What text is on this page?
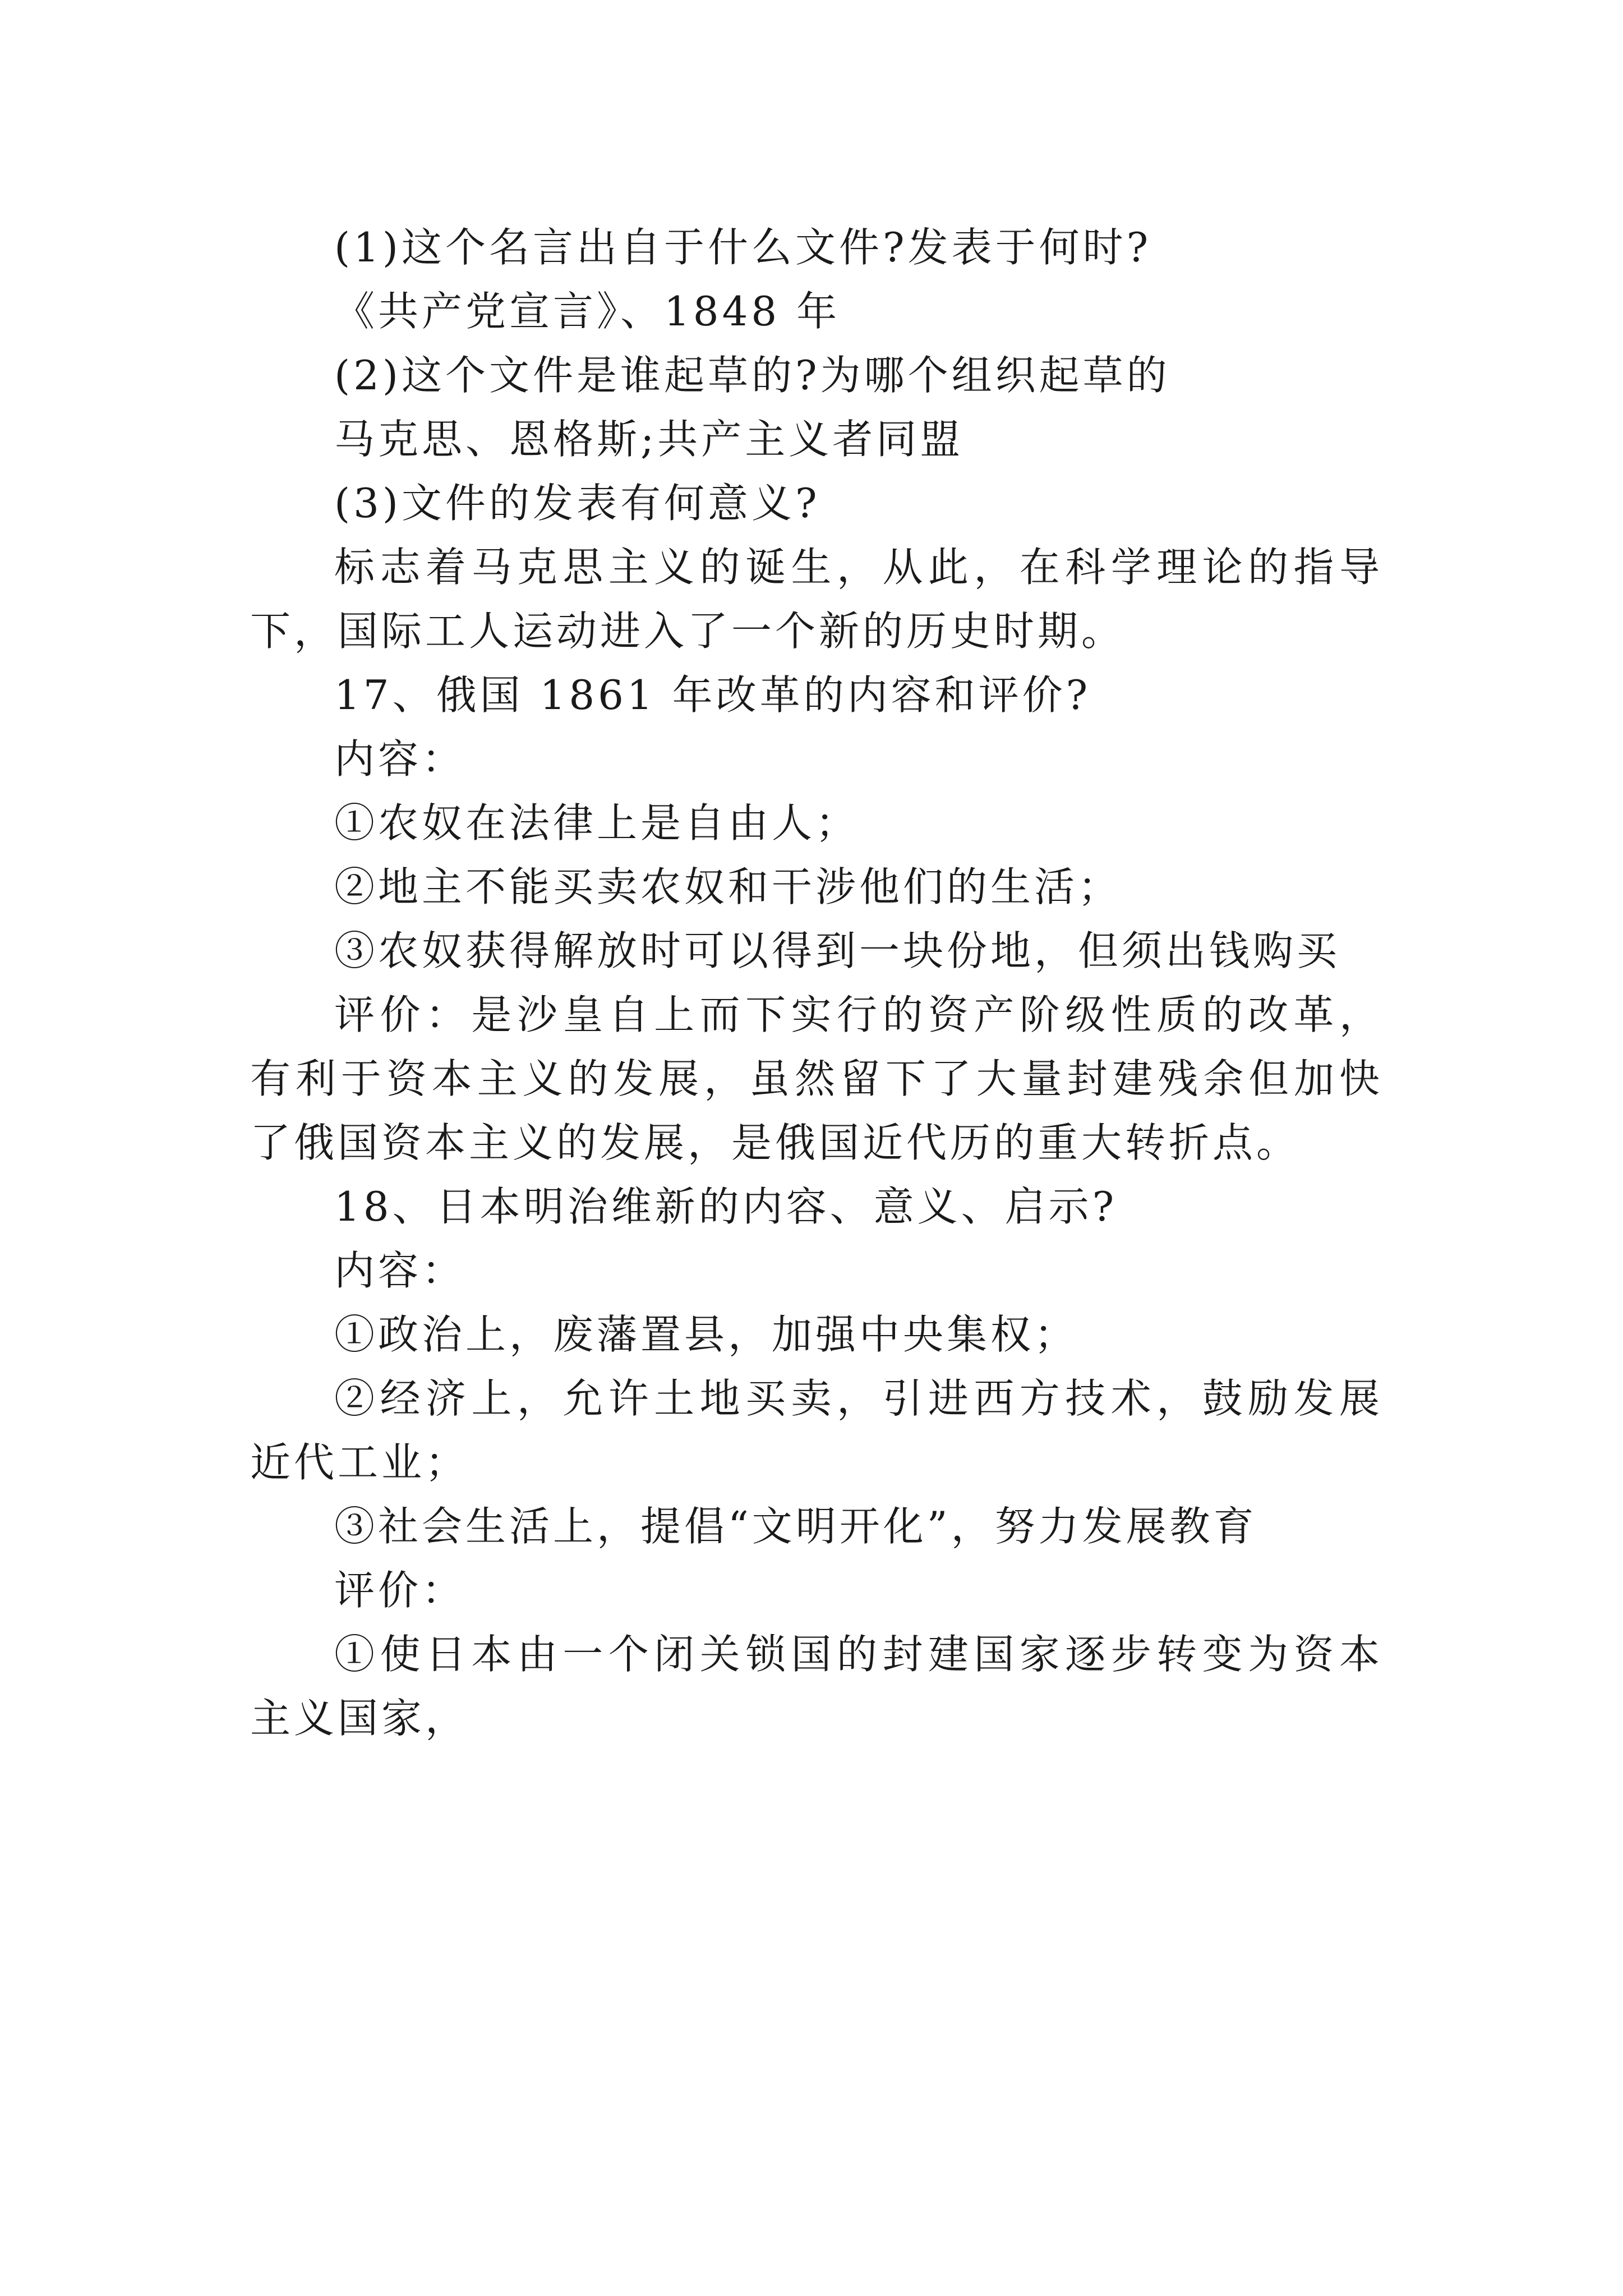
(1)这个名言出自于什么文件?发表于何时?

《共产党宣言》、1848 年

(2)这个文件是谁起草的?为哪个组织起草的

马克思、恩格斯;共产主义者同盟

(3)文件的发表有何意义?

标志着马克思主义的诞生，从此，在科学理论的指导下，国际工人运动进入了一个新的历史时期。

17、俄国 1861 年改革的内容和评价?

内容：

①农奴在法律上是自由人；

②地主不能买卖农奴和干涉他们的生活；

③农奴获得解放时可以得到一块份地，但须出钱购买

评价：是沙皇自上而下实行的资产阶级性质的改革，有利于资本主义的发展，虽然留下了大量封建残余但加快了俄国资本主义的发展，是俄国近代历的重大转折点。

18、日本明治维新的内容、意义、启示?

内容：

①政治上，废藩置县，加强中央集权；

②经济上，允许土地买卖，引进西方技术，鼓励发展近代工业；

③社会生活上，提倡“文明开化”，努力发展教育

评价：

①使日本由一个闭关锁国的封建国家逐步转变为资本主义国家，
